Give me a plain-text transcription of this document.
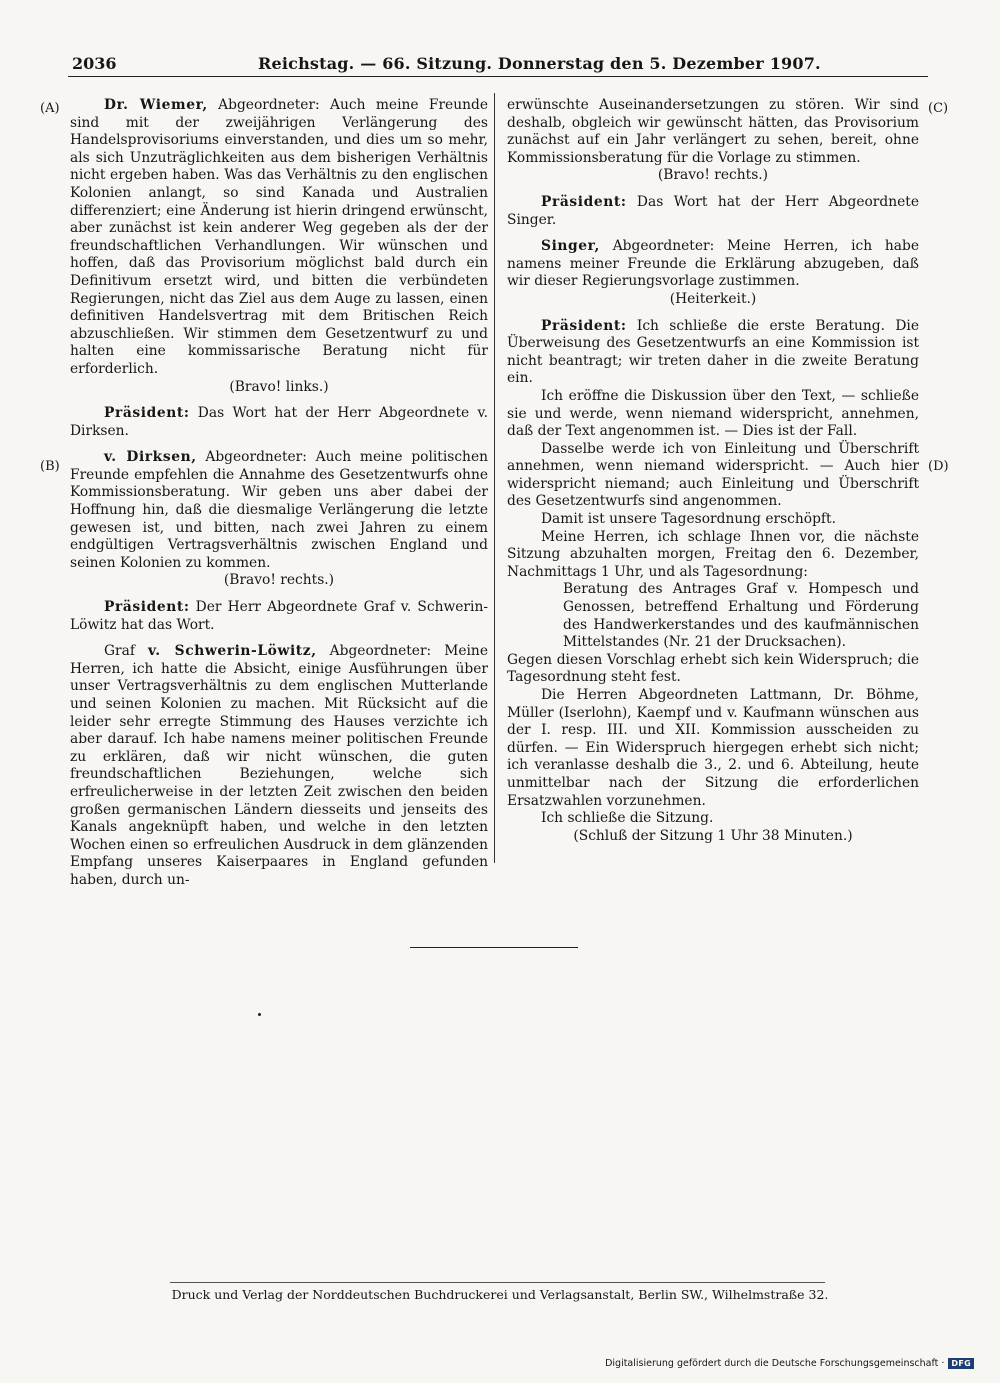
2036	Reichstag. — 66. Sitzung. Donnerstag den 5. Dezember 1907.
(A)
(B)
(C)
(D)

Dr. Wiemer, Abgeordneter: Auch meine Freunde sind mit der zweijährigen Verlängerung des Handelsprovisoriums einverstanden, und dies um so mehr, als sich Unzuträglichkeiten aus dem bisherigen Verhältnis nicht ergeben haben. Was das Verhältnis zu den englischen Kolonien anlangt, so sind Kanada und Australien differenziert; eine Änderung ist hierin dringend erwünscht, aber zunächst ist kein anderer Weg gegeben als der der freundschaftlichen Verhandlungen. Wir wünschen und hoffen, daß das Provisorium möglichst bald durch ein Definitivum ersetzt wird, und bitten die verbündeten Regierungen, nicht das Ziel aus dem Auge zu lassen, einen definitiven Handelsvertrag mit dem Britischen Reich abzuschließen. Wir stimmen dem Gesetzentwurf zu und halten eine kommissarische Beratung nicht für erforderlich.

(Bravo! links.)

Präsident: Das Wort hat der Herr Abgeordnete v. Dirksen.

v. Dirksen, Abgeordneter: Auch meine politischen Freunde empfehlen die Annahme des Gesetzentwurfs ohne Kommissionsberatung. Wir geben uns aber dabei der Hoffnung hin, daß die diesmalige Verlängerung die letzte gewesen ist, und bitten, nach zwei Jahren zu einem endgültigen Vertragsverhältnis zwischen England und seinen Kolonien zu kommen.

(Bravo! rechts.)

Präsident: Der Herr Abgeordnete Graf v. Schwerin-Löwitz hat das Wort.

Graf v. Schwerin-Löwitz, Abgeordneter: Meine Herren, ich hatte die Absicht, einige Ausführungen über unser Vertragsverhältnis zu dem englischen Mutterlande und seinen Kolonien zu machen. Mit Rücksicht auf die leider sehr erregte Stimmung des Hauses verzichte ich aber darauf. Ich habe namens meiner politischen Freunde zu erklären, daß wir nicht wünschen, die guten freundschaftlichen Beziehungen, welche sich erfreulicherweise in der letzten Zeit zwischen den beiden großen germanischen Ländern diesseits und jenseits des Kanals angeknüpft haben, und welche in den letzten Wochen einen so erfreulichen Ausdruck in dem glänzenden Empfang unseres Kaiserpaares in England gefunden haben, durch un-

erwünschte Auseinandersetzungen zu stören. Wir sind deshalb, obgleich wir gewünscht hätten, das Provisorium zunächst auf ein Jahr verlängert zu sehen, bereit, ohne Kommissionsberatung für die Vorlage zu stimmen.

(Bravo! rechts.)

Präsident: Das Wort hat der Herr Abgeordnete Singer.

Singer, Abgeordneter: Meine Herren, ich habe namens meiner Freunde die Erklärung abzugeben, daß wir dieser Regierungsvorlage zustimmen.

(Heiterkeit.)

Präsident: Ich schließe die erste Beratung. Die Überweisung des Gesetzentwurfs an eine Kommission ist nicht beantragt; wir treten daher in die zweite Beratung ein.

Ich eröffne die Diskussion über den Text, — schließe sie und werde, wenn niemand widerspricht, annehmen, daß der Text angenommen ist. — Dies ist der Fall.

Dasselbe werde ich von Einleitung und Überschrift annehmen, wenn niemand widerspricht. — Auch hier widerspricht niemand; auch Einleitung und Überschrift des Gesetzentwurfs sind angenommen.

Damit ist unsere Tagesordnung erschöpft.

Meine Herren, ich schlage Ihnen vor, die nächste Sitzung abzuhalten morgen, Freitag den 6. Dezember, Nachmittags 1 Uhr, und als Tagesordnung:

Beratung des Antrages Graf v. Hompesch und Genossen, betreffend Erhaltung und Förderung des Handwerkerstandes und des kaufmännischen Mittelstandes (Nr. 21 der Drucksachen).

Gegen diesen Vorschlag erhebt sich kein Widerspruch; die Tagesordnung steht fest.

Die Herren Abgeordneten Lattmann, Dr. Böhme, Müller (Iserlohn), Kaempf und v. Kaufmann wünschen aus der I. resp. III. und XII. Kommission ausscheiden zu dürfen. — Ein Widerspruch hiergegen erhebt sich nicht; ich veranlasse deshalb die 3., 2. und 6. Abteilung, heute unmittelbar nach der Sitzung die erforderlichen Ersatzwahlen vorzunehmen.

Ich schließe die Sitzung.

(Schluß der Sitzung 1 Uhr 38 Minuten.)

Druck und Verlag der Norddeutschen Buchdruckerei und Verlagsanstalt, Berlin SW., Wilhelmstraße 32.
Digitalisierung gefördert durch die Deutsche Forschungsgemeinschaft · DFG
